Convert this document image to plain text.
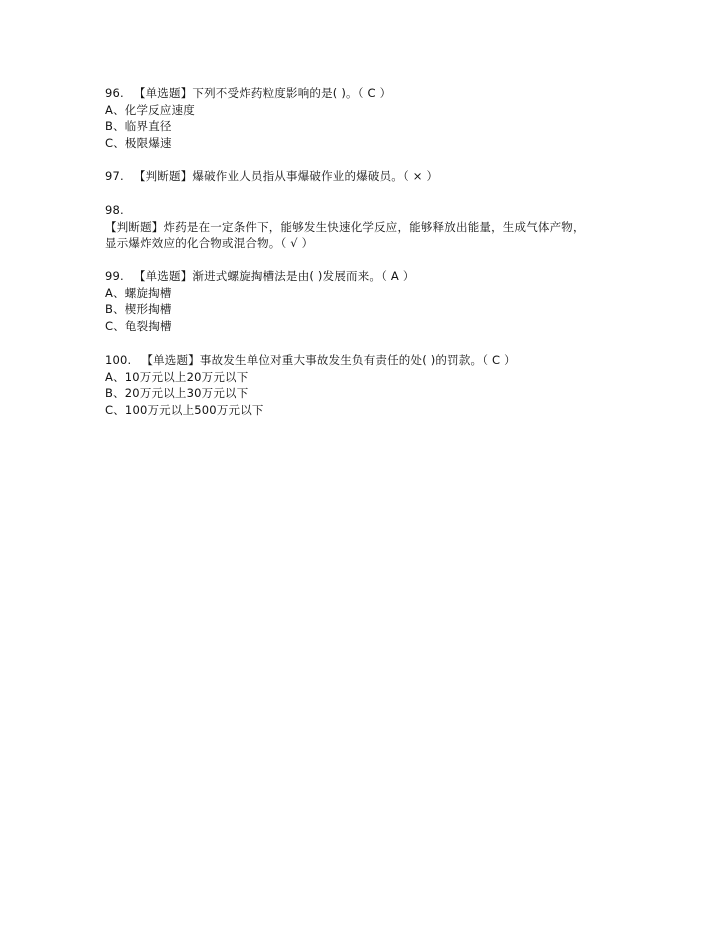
96. 【单选题】下列不受炸药粒度影响的是( )。（ C ）
A、化学反应速度
B、临界直径
C、极限爆速
97. 【判断题】爆破作业人员指从事爆破作业的爆破员。（ × ）
98.
【判断题】炸药是在一定条件下，能够发生快速化学反应，能够释放出能量，生成气体产物，
显示爆炸效应的化合物或混合物。（ √ ）
99. 【单选题】渐进式螺旋掏槽法是由( )发展而来。（ A ）
A、螺旋掏槽
B、楔形掏槽
C、龟裂掏槽
100. 【单选题】事故发生单位对重大事故发生负有责任的处( )的罚款。（ C ）
A、10万元以上20万元以下
B、20万元以上30万元以下
C、100万元以上500万元以下
